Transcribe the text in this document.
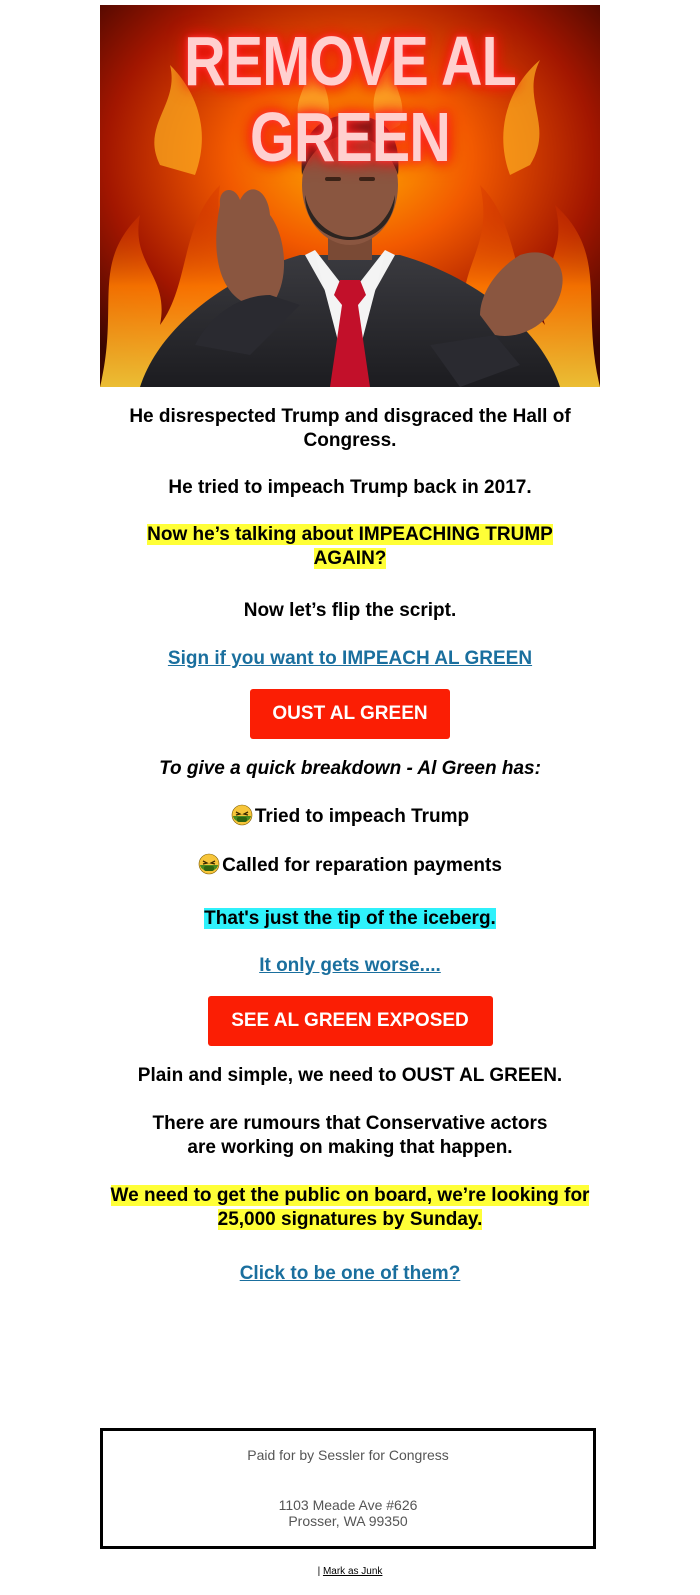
REMOVE AL GREEN

He disrespected Trump and disgraced the Hall of Congress.

He tried to impeach Trump back in 2017.

Now he’s talking about IMPEACHING TRUMP AGAIN?

Now let’s flip the script.

Sign if you want to IMPEACH AL GREEN

OUST AL GREEN

To give a quick breakdown - Al Green has:

Tried to impeach Trump

Called for reparation payments

That's just the tip of the iceberg.

It only gets worse....

SEE AL GREEN EXPOSED

Plain and simple, we need to OUST AL GREEN.

There are rumours that Conservative actors are working on making that happen.

We need to get the public on board, we’re looking for 25,000 signatures by Sunday.

Click to be one of them?

Paid for by Sessler for Congress
1103 Meade Ave #626
Prosser, WA 99350
| Mark as Junk
